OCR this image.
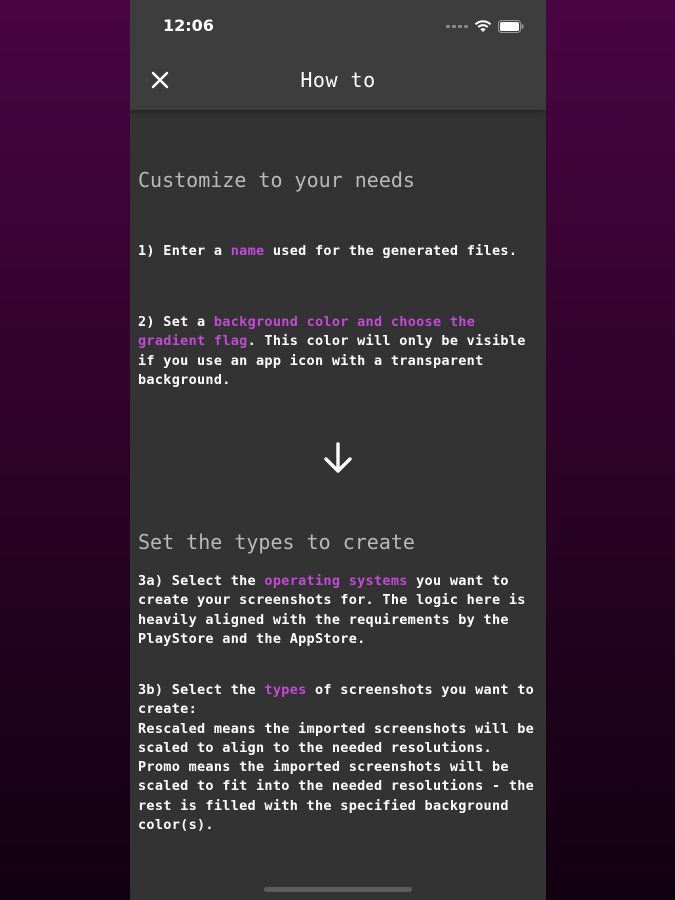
12:06
How to
Customize to your needs
1) Enter a name used for the generated files.
2) Set a background color and choose the gradient flag. This color will only be visible if you use an app icon with a transparent background.
Set the types to create
3a) Select the operating systems you want to create your screenshots for. The logic here is heavily aligned with the requirements by the PlayStore and the AppStore.
3b) Select the types of screenshots you want to create:
Rescaled means the imported screenshots will be scaled to align to the needed resolutions.
Promo means the imported screenshots will be scaled to fit into the needed resolutions - the rest is filled with the specified background color(s).
